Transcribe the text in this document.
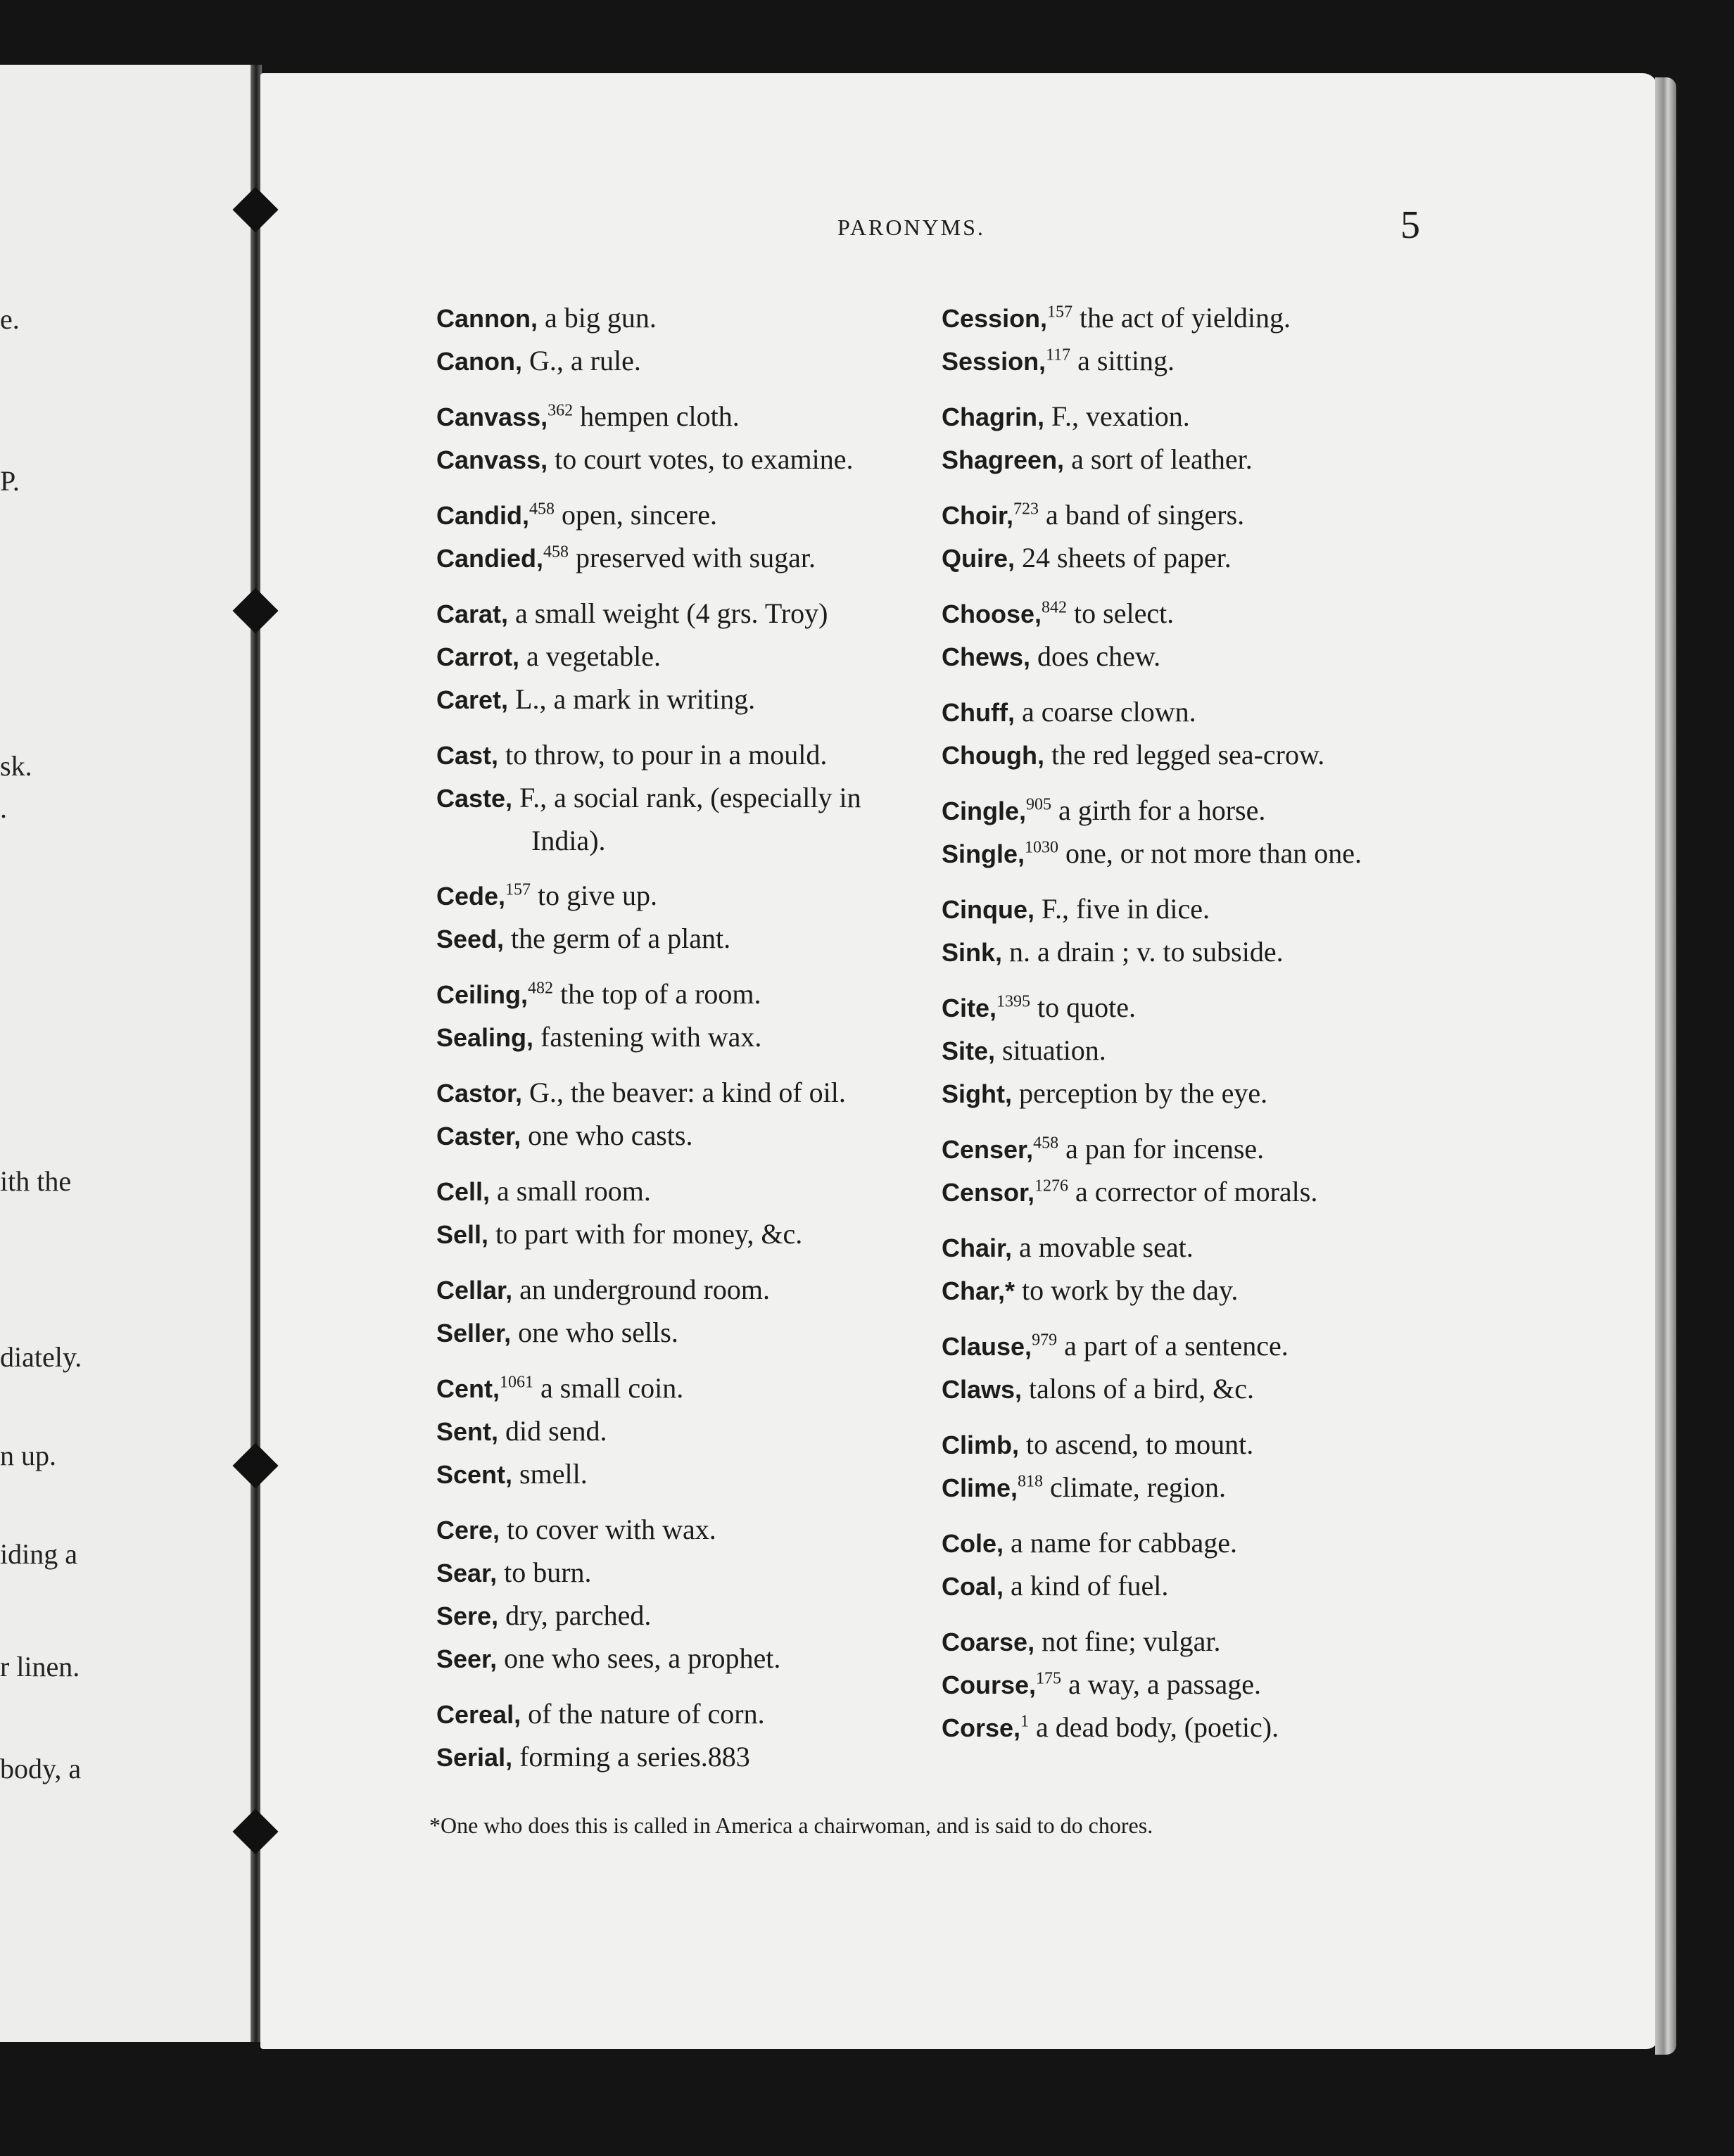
e.
P.
sk.
.
ith the
diately.
n up.
iding a
r linen.
body, a
PARONYMS.	5
Cannon, a big gun.
Canon, G., a rule.
Canvass,$^{362}$ hempen cloth.
Canvass, to court votes, to examine.
Candid,$^{458}$ open, sincere.
Candied,$^{458}$ preserved with sugar.
Carat, a small weight (4 grs. Troy)
Carrot, a vegetable.
Caret, L., a mark in writing.
Cast, to throw, to pour in a mould.
Caste, F., a social rank, (especially in India).
Cede,$^{157}$ to give up.
Seed, the germ of a plant.
Ceiling,$^{482}$ the top of a room.
Sealing, fastening with wax.
Castor, G., the beaver: a kind of oil.
Caster, one who casts.
Cell, a small room.
Sell, to part with for money, &c.
Cellar, an underground room.
Seller, one who sells.
Cent,$^{1061}$ a small coin.
Sent, did send.
Scent, smell.
Cere, to cover with wax.
Sear, to burn.
Sere, dry, parched.
Seer, one who sees, a prophet.
Cereal, of the nature of corn.
Serial, forming a series.883
Cession,$^{157}$ the act of yielding.
Session,$^{117}$ a sitting.
Chagrin, F., vexation.
Shagreen, a sort of leather.
Choir,$^{723}$ a band of singers.
Quire, 24 sheets of paper.
Choose,$^{842}$ to select.
Chews, does chew.
Chuff, a coarse clown.
Chough, the red legged sea-crow.
Cingle,$^{905}$ a girth for a horse.
Single,$^{1030}$ one, or not more than one.
Cinque, F., five in dice.
Sink, n. a drain ; v. to subside.
Cite,$^{1395}$ to quote.
Site, situation.
Sight, perception by the eye.
Censer,$^{458}$ a pan for incense.
Censor,$^{1276}$ a corrector of morals.
Chair, a movable seat.
Char,* to work by the day.
Clause,$^{979}$ a part of a sentence.
Claws, talons of a bird, &c.
Climb, to ascend, to mount.
Clime,$^{818}$ climate, region.
Cole, a name for cabbage.
Coal, a kind of fuel.
Coarse, not fine; vulgar.
Course,$^{175}$ a way, a passage.
Corse,$^1$ a dead body, (poetic).
*One who does this is called in America a chairwoman, and is said to do chores.
